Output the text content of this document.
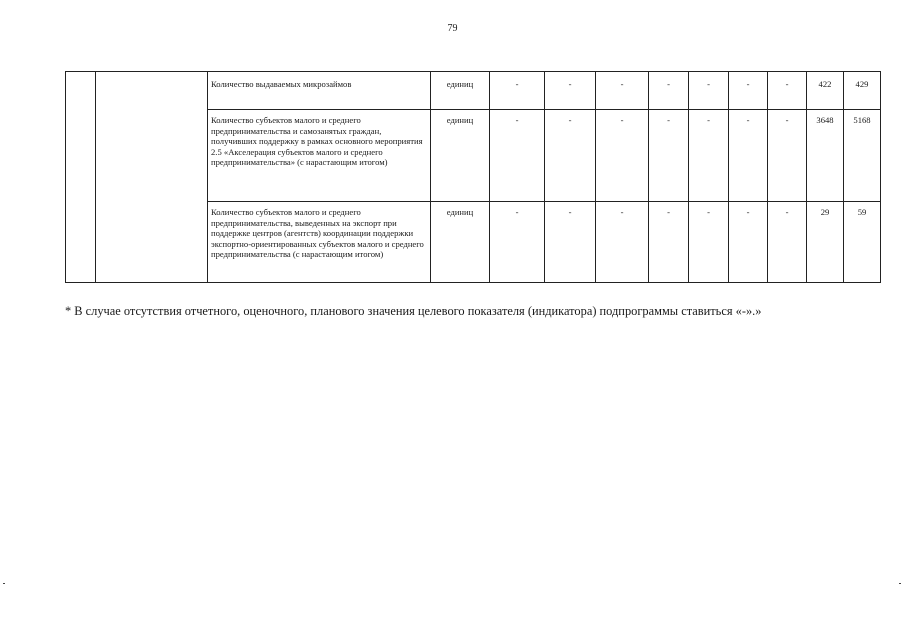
79
		Количество выдаваемых микрозаймов	единиц	-	-	-	-	-	-	-	422	429
		Количество субъектов малого и среднего предпринимательства и самозанятых граждан, получивших поддержку в рамках основного мероприятия 2.5 «Акселерация субъектов малого и среднего предпринимательства» (с нарастающим итогом)	единиц	-	-	-	-	-	-	-	3648	5168
		Количество субъектов малого и среднего предпринимательства, выведенных на экспорт при поддержке центров (агентств) координации поддержки экспортно-ориентированных субъектов малого и среднего предпринимательства (с нарастающим итогом)	единиц	-	-	-	-	-	-	-	29	59
* В случае отсутствия отчетного, оценочного, планового значения целевого показателя (индикатора) подпрограммы ставиться «-».»
